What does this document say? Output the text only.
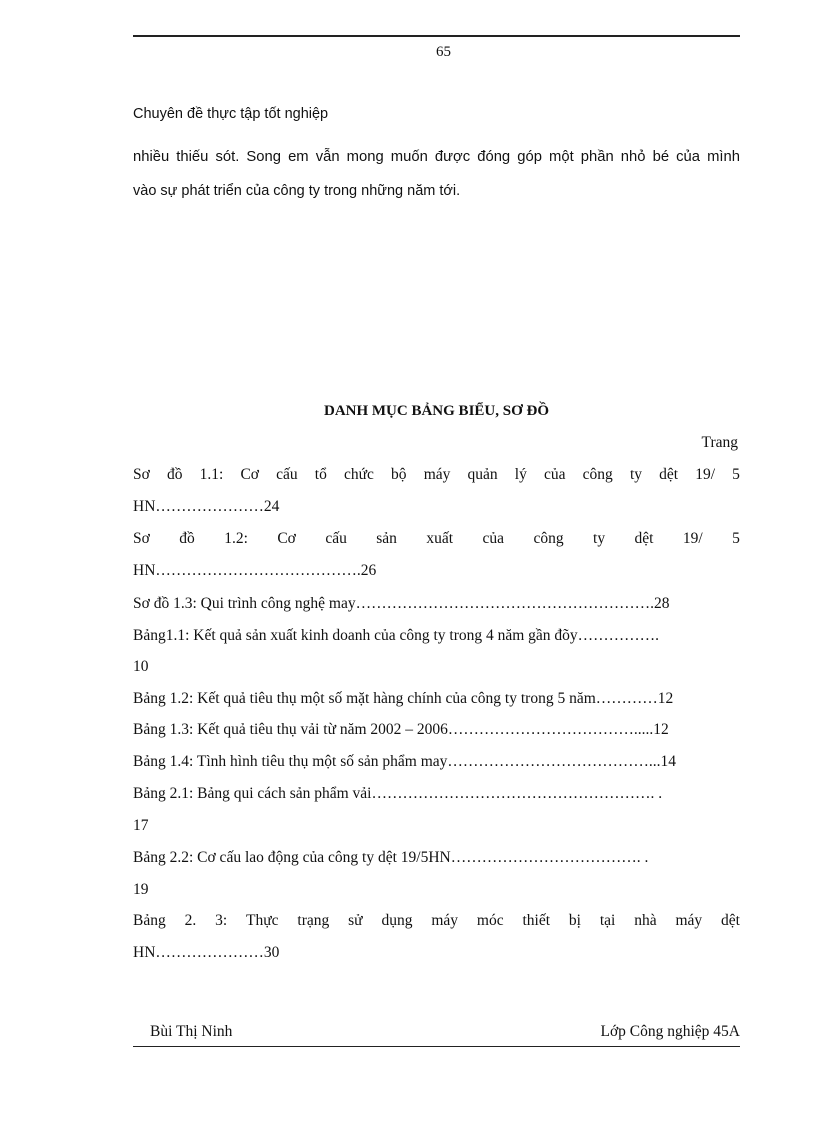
65
Chuyên đề thực tập tốt nghiệp
nhiều thiếu sót. Song em vẫn mong muốn được đóng góp một phần nhỏ bé của mình
vào sự phát triển của công ty trong những năm tới.
DANH MỤC BẢNG BIỂU, SƠ ĐỒ
Trang
Sơ đồ 1.1: Cơ cấu tổ chức bộ máy quản lý của công ty dệt 19/ 5
HN…………………24
Sơ đồ 1.2: Cơ cấu sản xuất của công ty dệt 19/ 5
HN………………………………….26
Sơ đồ 1.3: Qui trình công nghệ may………………………………………………….28
Bảng1.1: Kết quả sản xuất kinh doanh của công ty trong 4 năm gần đõy…………….
10
Bảng 1.2: Kết quả tiêu thụ một số mặt hàng chính của công ty trong 5 năm…………12
Bảng 1.3: Kết quả tiêu thụ vải từ năm 2002 – 2006……………………………….....12
Bảng 1.4: Tình hình tiêu thụ một số sản phẩm may…………………………………...14
Bảng 2.1: Bảng qui cách sản phẩm vải………………………………………………. .
17
Bảng 2.2: Cơ cấu lao động của công ty dệt 19/5HN………………………………. .
19
Bảng 2. 3: Thực trạng sử dụng máy móc thiết bị tại nhà máy dệt
HN…………………30
Bùi Thị Ninh	Lớp Công nghiệp 45A
